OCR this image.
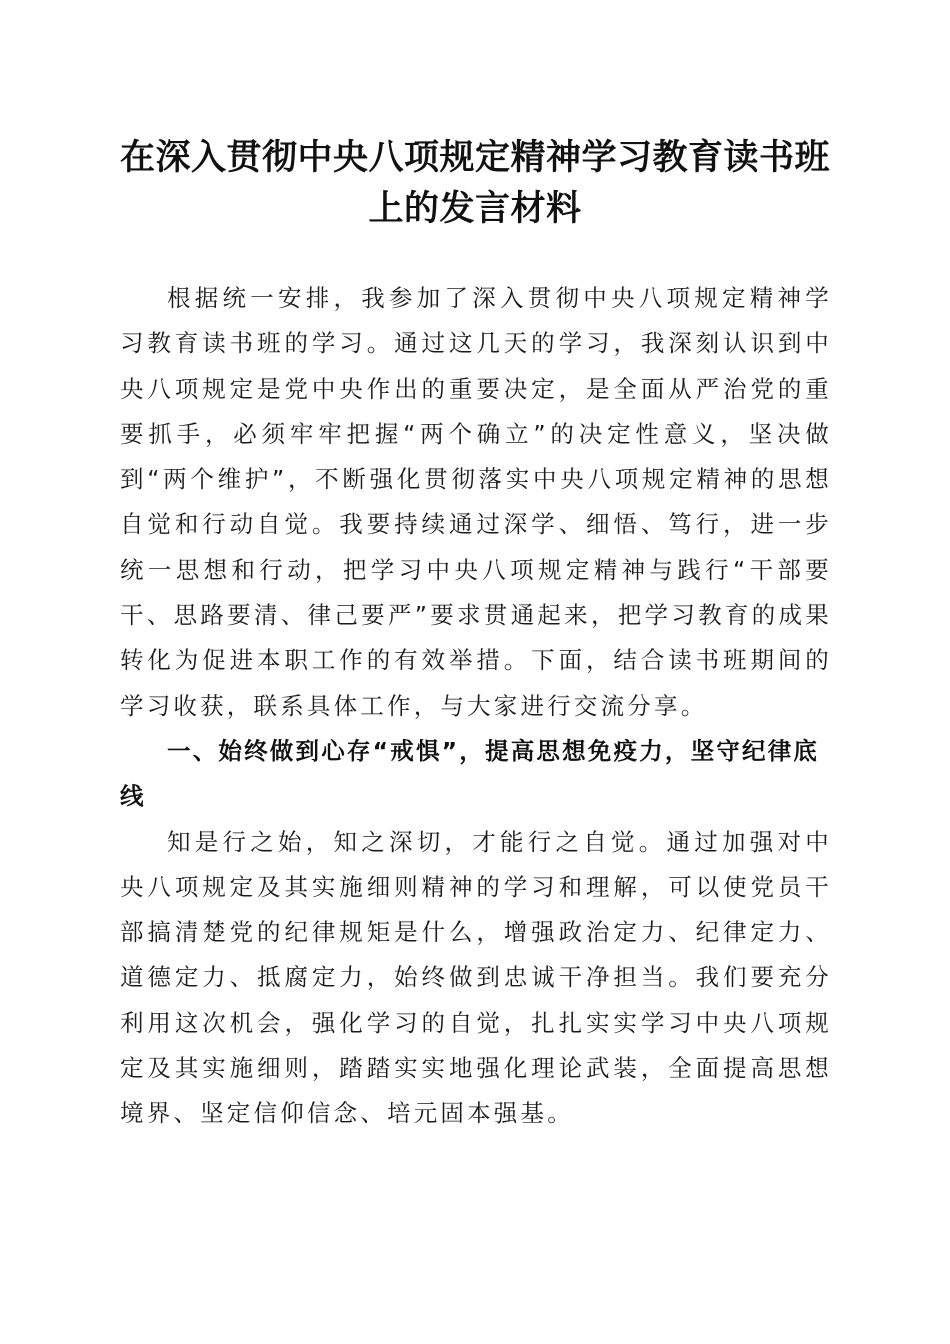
在深入贯彻中央八项规定精神学习教育读书班上的发言材料

根据统一安排，我参加了深入贯彻中央八项规定精神学习教育读书班的学习。通过这几天的学习，我深刻认识到中央八项规定是党中央作出的重要决定，是全面从严治党的重要抓手，必须牢牢把握“两个确立”的决定性意义，坚决做到“两个维护”，不断强化贯彻落实中央八项规定精神的思想自觉和行动自觉。我要持续通过深学、细悟、笃行，进一步统一思想和行动，把学习中央八项规定精神与践行“干部要干、思路要清、律己要严”要求贯通起来，把学习教育的成果转化为促进本职工作的有效举措。下面，结合读书班期间的学习收获，联系具体工作，与大家进行交流分享。

一、始终做到心存“戒惧”，提高思想免疫力，坚守纪律底线

知是行之始，知之深切，才能行之自觉。通过加强对中央八项规定及其实施细则精神的学习和理解，可以使党员干部搞清楚党的纪律规矩是什么，增强政治定力、纪律定力、道德定力、抵腐定力，始终做到忠诚干净担当。我们要充分利用这次机会，强化学习的自觉，扎扎实实学习中央八项规定及其实施细则，踏踏实实地强化理论武装，全面提高思想境界、坚定信仰信念、培元固本强基。
